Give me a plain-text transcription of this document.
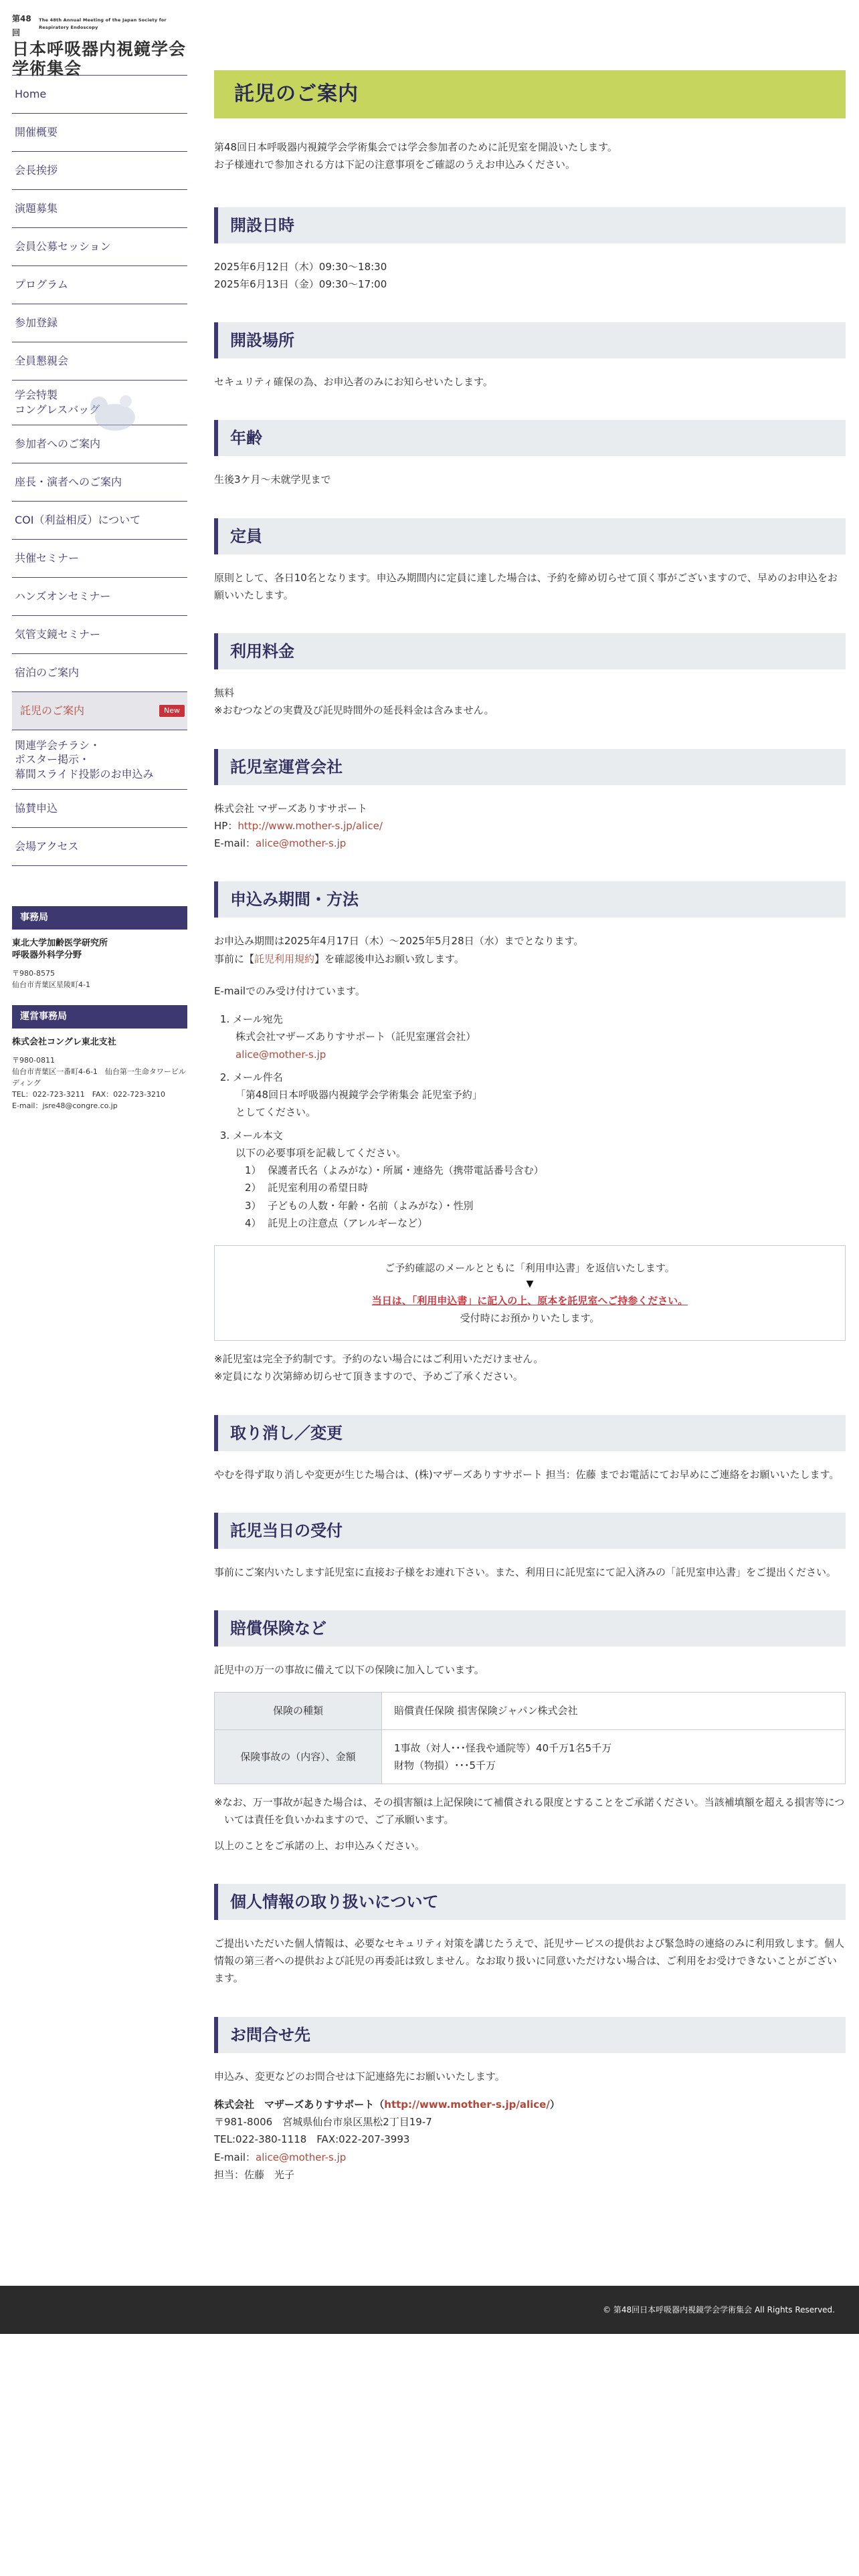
第48回
The 48th Annual Meeting of the Japan Society for Respiratory Endoscopy
日本呼吸器内視鏡学会学術集会
Home
開催概要
会長挨拶
演題募集
会員公募セッション
プログラム
参加登録
全員懇親会
学会特製
コングレスバッグ
参加者へのご案内
座長・演者へのご案内
COI（利益相反）について
共催セミナー
ハンズオンセミナー
気管支鏡セミナー
宿泊のご案内
託児のご案内	New
関連学会チラシ・
ポスター掲示・
幕間スライド投影のお申込み
協賛申込
会場アクセス
事務局
東北大学加齢医学研究所
呼吸器外科学分野
〒980-8575
仙台市青葉区星陵町4-1
運営事務局
株式会社コングレ東北支社
〒980-0811
仙台市青葉区一番町4-6-1　仙台第一生命タワービルディング
TEL：022-723-3211　FAX：022-723-3210
E-mail：jsre48@congre.co.jp
託児のご案内

第48回日本呼吸器内視鏡学会学術集会では学会参加者のために託児室を開設いたします。
お子様連れで参加される方は下記の注意事項をご確認のうえお申込みください。

開設日時

2025年6月12日（木）09:30～18:30
2025年6月13日（金）09:30～17:00

開設場所

セキュリティ確保の為、お申込者のみにお知らせいたします。

年齢

生後3ケ月～未就学児まで

定員

原則として、各日10名となります。申込み期間内に定員に達した場合は、予約を締め切らせて頂く事がございますので、早めのお申込をお願いいたします。

利用料金

無料
※おむつなどの実費及び託児時間外の延長料金は含みません。

託児室運営会社
株式会社 マザーズありすサポート
HP：http://www.mother-s.jp/alice/
E-mail：alice@mother-s.jp
申込み期間・方法
お申込み期間は2025年4月17日（木）～2025年5月28日（水）までとなります。
事前に【託児利用規約】を確認後申込お願い致します。
E-mailでのみ受け付けています。
1. メール宛先
株式会社マザーズありすサポート（託児室運営会社）
alice@mother-s.jp
2. メール件名
「第48回日本呼吸器内視鏡学会学術集会 託児室予約」
としてください。
3. メール本文
以下の必要事項を記載してください。
1）  保護者氏名（よみがな）・所属・連絡先（携帯電話番号含む）
2）  託児室利用の希望日時
3）  子どもの人数・年齢・名前（よみがな）・性別
4）  託児上の注意点（アレルギーなど）
ご予約確認のメールとともに「利用申込書」を返信いたします。
▼
当日は、「利用申込書」に記入の上、原本を託児室へご持参ください。
受付時にお預かりいたします。

※託児室は完全予約制です。予約のない場合にはご利用いただけません。
※定員になり次第締め切らせて頂きますので、予めご了承ください。

取り消し／変更

やむを得ず取り消しや変更が生じた場合は、(株)マザーズありすサポート 担当：佐藤 までお電話にてお早めにご連絡をお願いいたします。

託児当日の受付

事前にご案内いたします託児室に直接お子様をお連れ下さい。また、利用日に託児室にて記入済みの「託児室申込書」をご提出ください。

賠償保険など
託児中の万一の事故に備えて以下の保険に加入しています。
保険の種類	賠償責任保険 損害保険ジャパン株式会社
保険事故の（内容）、金額	1事故（対人･･･怪我や通院等）40千万1名5千万
財物（物損）･･･5千万

※なお、万一事故が起きた場合は、その損害額は上記保険にて補償される限度とすることをご承諾ください。当該補填額を超える損害等については責任を負いかねますので、ご了承願います。

以上のことをご承諾の上、お申込みください。

個人情報の取り扱いについて

ご提出いただいた個人情報は、必要なセキュリティ対策を講じたうえで、託児サービスの提供および緊急時の連絡のみに利用致します。個人情報の第三者への提供および託児の再委託は致しません。なお取り扱いに同意いただけない場合は、ご利用をお受けできないことがございます。

お問合せ先
申込み、変更などのお問合せは下記連絡先にお願いいたします。
株式会社　マザーズありすサポート（http://www.mother-s.jp/alice/）
〒981-8006　宮城県仙台市泉区黒松2丁目19-7
TEL:022-380-1118　FAX:022-207-3993
E-mail：alice@mother-s.jp
担当：佐藤　光子
© 第48回日本呼吸器内視鏡学会学術集会 All Rights Reserved.
